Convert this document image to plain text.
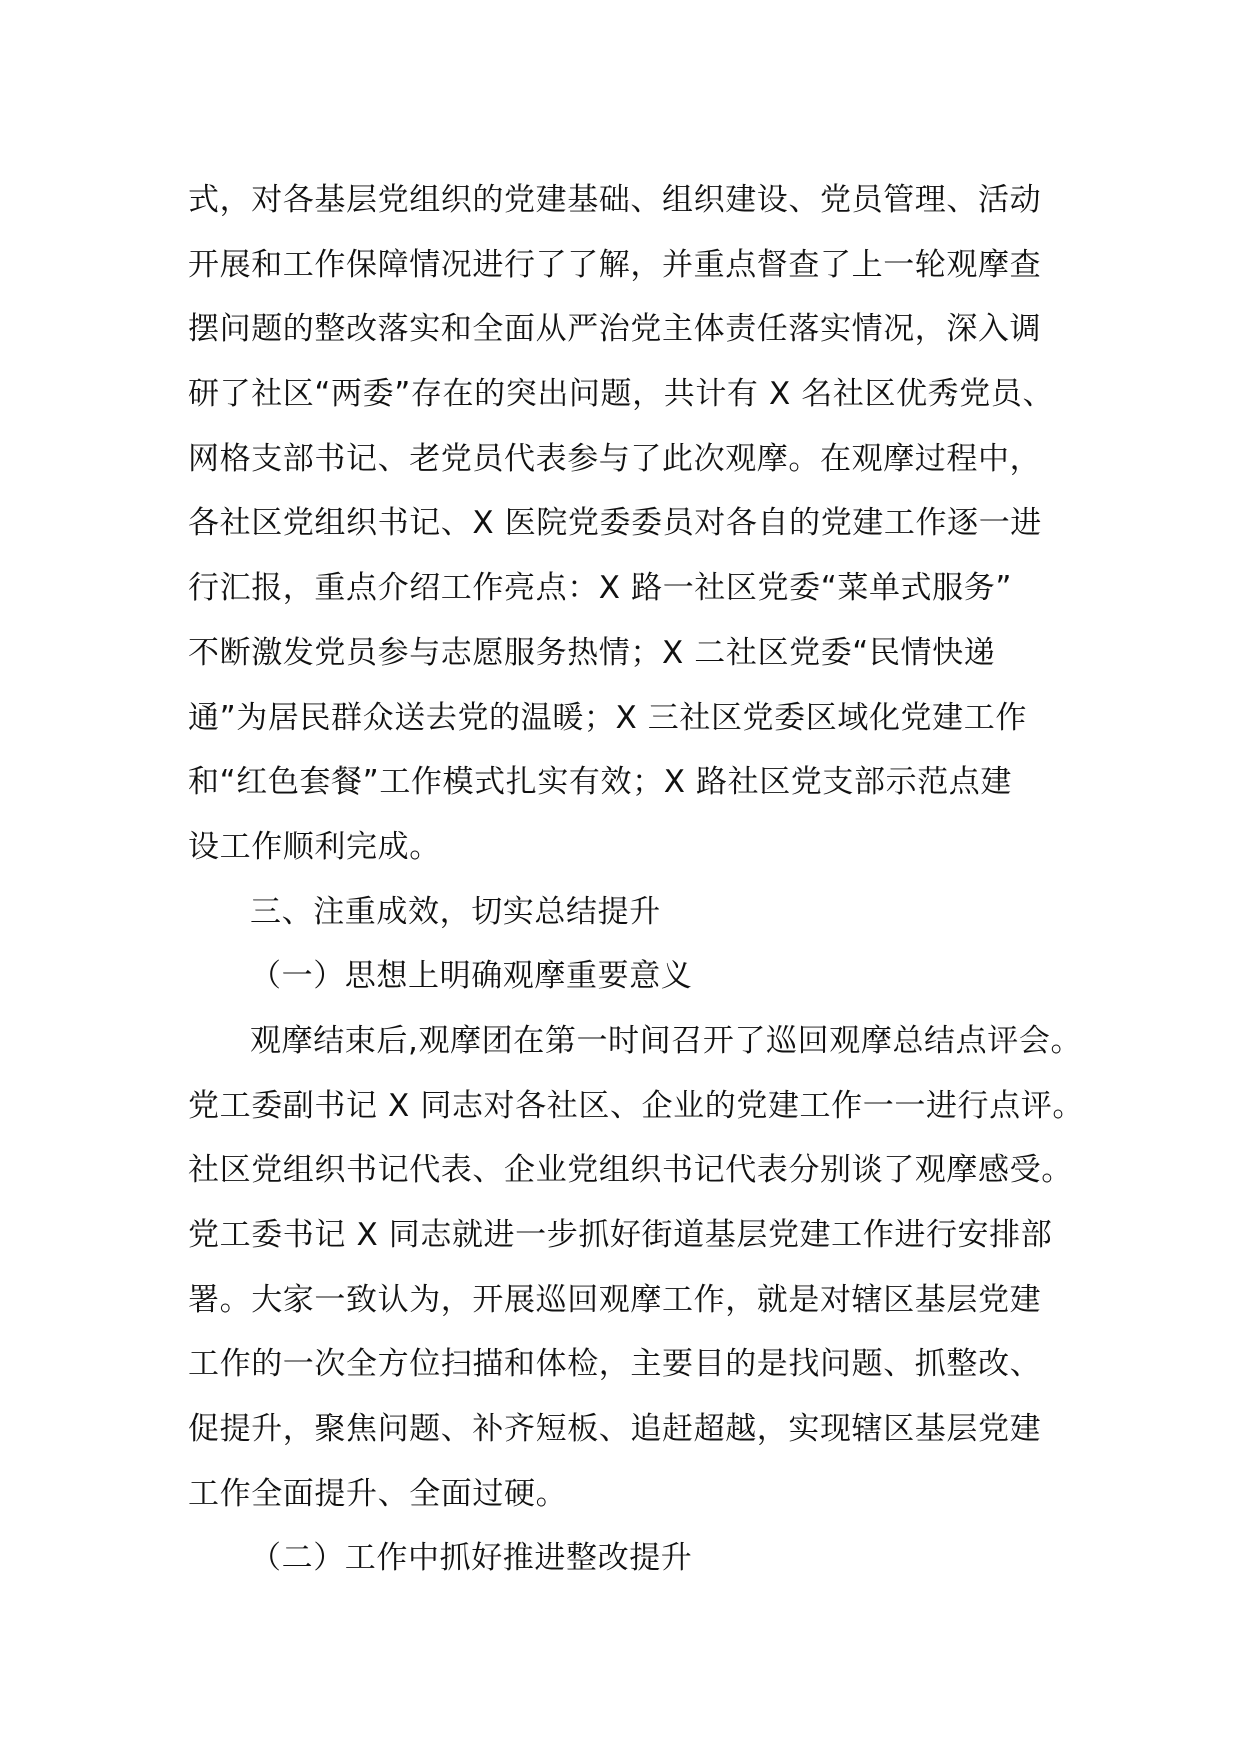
式，对各基层党组织的党建基础、组织建设、党员管理、活动
开展和工作保障情况进行了了解，并重点督查了上一轮观摩查
摆问题的整改落实和全面从严治党主体责任落实情况，深入调
研了社区“两委”存在的突出问题，共计有 X 名社区优秀党员、
网格支部书记、老党员代表参与了此次观摩。在观摩过程中，
各社区党组织书记、X 医院党委委员对各自的党建工作逐一进
行汇报，重点介绍工作亮点：X 路一社区党委“菜单式服务”
不断激发党员参与志愿服务热情；X 二社区党委“民情快递
通”为居民群众送去党的温暖；X 三社区党委区域化党建工作
和“红色套餐”工作模式扎实有效；X 路社区党支部示范点建
设工作顺利完成。
三、注重成效，切实总结提升
（一）思想上明确观摩重要意义
观摩结束后,观摩团在第一时间召开了巡回观摩总结点评会。
党工委副书记 X 同志对各社区、企业的党建工作一一进行点评。
社区党组织书记代表、企业党组织书记代表分别谈了观摩感受。
党工委书记 X 同志就进一步抓好街道基层党建工作进行安排部
署。大家一致认为，开展巡回观摩工作，就是对辖区基层党建
工作的一次全方位扫描和体检，主要目的是找问题、抓整改、
促提升，聚焦问题、补齐短板、追赶超越，实现辖区基层党建
工作全面提升、全面过硬。
（二）工作中抓好推进整改提升
